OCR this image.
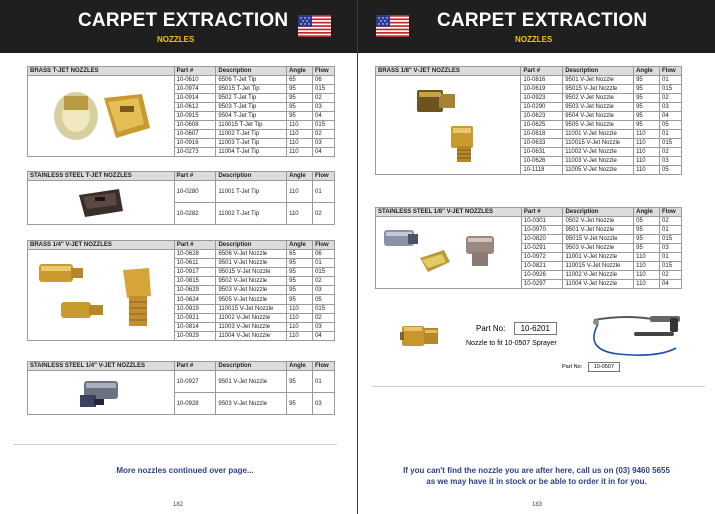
CARPET EXTRACTION
NOZZLES
BRASS T-JET NOZZLES	Part #	Description	Angle	Flow

	10-0610	6506 T-Jet Tip	65	06
	10-0974	95015 T-Jet Tip	95	015
	10-0914	9502 T-Jet Tip	95	02
	10-0612	9503 T-Jet Tip	95	03
	10-0915	9504 T-Jet Tip	95	04
	10-0608	110015 T-Jet Tip	110	015
	10-0607	11002 T-Jet Tip	110	02
	10-0916	11003 T-Jet Tip	110	03
	10-0273	11004 T-Jet Tip	110	04
STAINLESS STEEL T-JET NOZZLES	Part #	Description	Angle	Flow

	10-0280	11001 T-Jet Tip	110	01
	10-0282	11002 T-Jet Tip	110	02
BRASS 1/4" V-JET NOZZLES	Part #	Description	Angle	Flow

	10-0628	6506 V-Jet Nozzle	65	06
	10-0611	9501 V-Jet Nozzle	95	01
	10-0917	95015 V-Jet Nozzle	95	015
	10-0815	9502 V-Jet Nozzle	95	02
	10-0629	9503 V-Jet Nozzle	95	03
	10-0624	9505 V-Jet Nozzle	95	05
	10-0919	110015 V-Jet Nozzle	110	015
	10-0921	11002 V-Jet Nozzle	110	02
	10-0814	11003 V-Jet Nozzle	110	03
	10-0929	11004 V-Jet Nozzle	110	04
STAINLESS STEEL 1/4" V-JET NOZZLES	Part #	Description	Angle	Flow

	10-0927	9501 V-Jet Nozzle	95	01
	10-0928	9503 V-Jet Nozzle	95	03
More nozzles continued over page...
182
CARPET EXTRACTION
NOZZLES
BRASS 1/8" V-JET NOZZLES	Part #	Description	Angle	Flow

	10-0816	9501 V-Jet Nozzle	95	01
	10-0619	95015 V-Jet Nozzle	95	015
	10-0923	9502 V-Jet Nozzle	95	02
	10-0290	9503 V-Jet Nozzle	95	03
	10-0623	9504 V-Jet Nozzle	95	04
	10-0625	9505 V-Jet Nozzle	95	05
	10-0818	11001 V-Jet Nozzle	110	01
	10-0633	110015 V-Jet Nozzle	110	015
	10-0631	11002 V-Jet Nozzle	110	02
	10-0626	11003 V-Jet Nozzle	110	03
	10-1118	11005 V-Jet Nozzle	110	05
STAINLESS STEEL 1/8" V-JET NOZZLES	Part #	Description	Angle	Flow

	10-0301	0502 V-Jet Nozzle	05	02
	10-0970	9501 V-Jet Nozzle	95	01
	10-0820	95015 V-Jet Nozzle	95	015
	10-0291	9503 V-Jet Nozzle	95	03
	10-0972	11001 V-Jet Nozzle	110	01
	10-0821	110015 V-Jet Nozzle	110	015
	10-0926	11002 V-Jet Nozzle	110	02
	10-0297	11004 V-Jet Nozzle	110	04
Part No: 10-6201
Nozzle to fit 10-0507 Sprayer
Part No: 10-0507
If you can't find the nozzle you are after here, call us on (03) 9460 5655
as we may have it in stock or be able to order it in for you.
183
